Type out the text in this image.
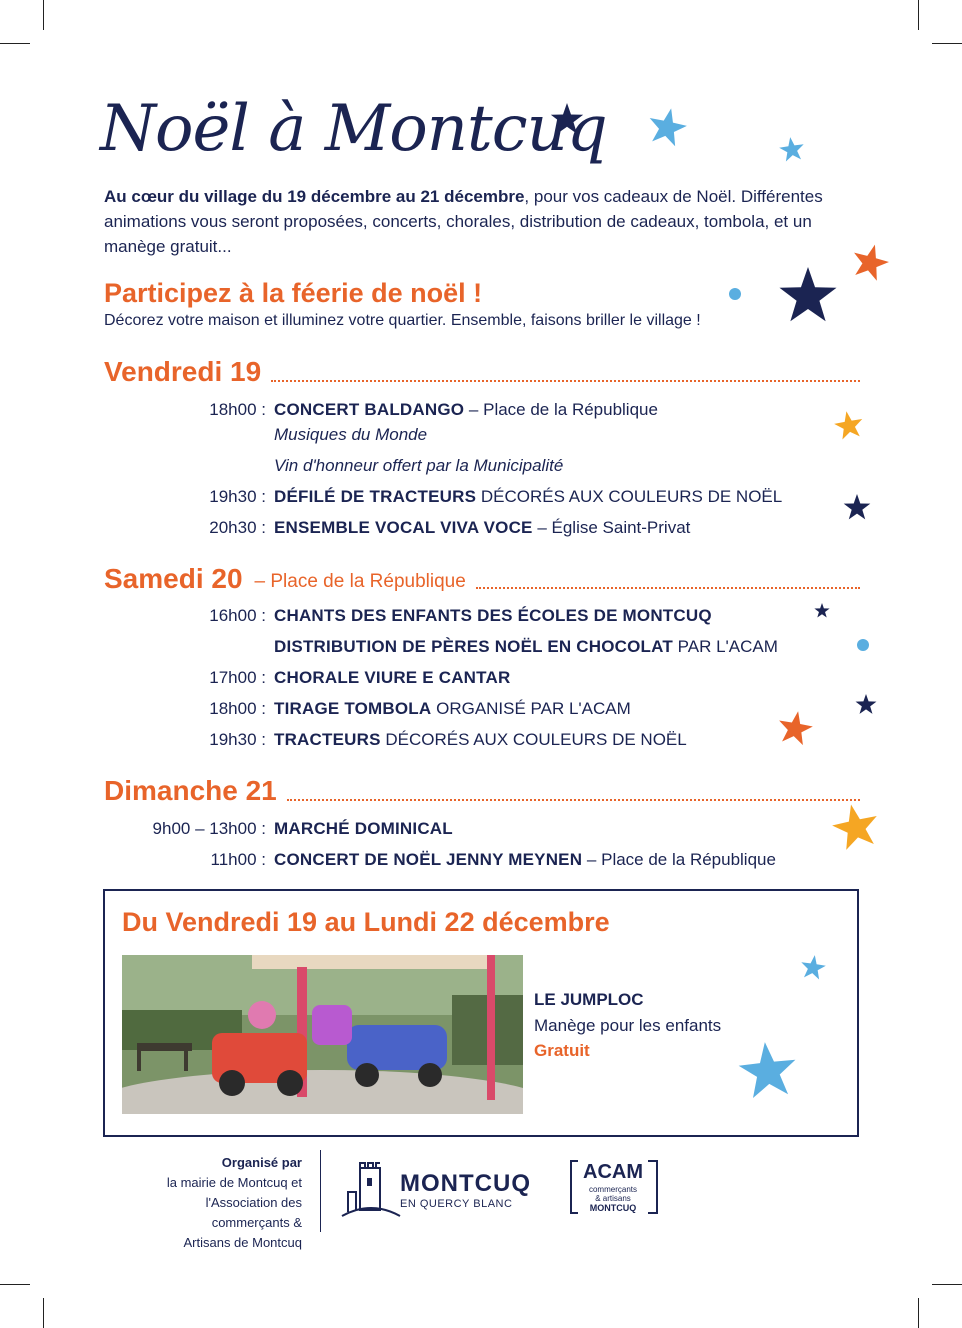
Noël à Montcuq
Au cœur du village du 19 décembre au 21 décembre, pour vos cadeaux de Noël. Différentes animations vous seront proposées, concerts, chorales, distribution de cadeaux, tombola, et un manège gratuit...
Participez à la féerie de noël !
Décorez votre maison et illuminez votre quartier. Ensemble, faisons briller le village !
Vendredi 19
18h00 : CONCERT BALDANGO – Place de la République
Musiques du Monde
Vin d'honneur offert par la Municipalité
19h30 : DÉFILÉ DE TRACTEURS DÉCORÉS AUX COULEURS DE NOËL
20h30 : ENSEMBLE VOCAL VIVA VOCE – Église Saint-Privat
Samedi 20 – Place de la République
16h00 : CHANTS DES ENFANTS DES ÉCOLES DE MONTCUQ
DISTRIBUTION DE PÈRES NOËL EN CHOCOLAT PAR L'ACAM
17h00 : CHORALE VIURE E CANTAR
18h00 : TIRAGE TOMBOLA ORGANISÉ PAR L'ACAM
19h30 : TRACTEURS DÉCORÉS AUX COULEURS DE NOËL
Dimanche 21
9h00 – 13h00 : MARCHÉ DOMINICAL
11h00 : CONCERT DE NOËL JENNY MEYNEN – Place de la République
Du Vendredi 19 au Lundi 22 décembre
LE JUMPLOC
Manège pour les enfants
Gratuit
Organisé par
la mairie de Montcuq et
l'Association des commerçants &
Artisans de Montcuq
MONTCUQ
EN QUERCY BLANC
ACAM
commerçants
& artisans
MONTCUQ
